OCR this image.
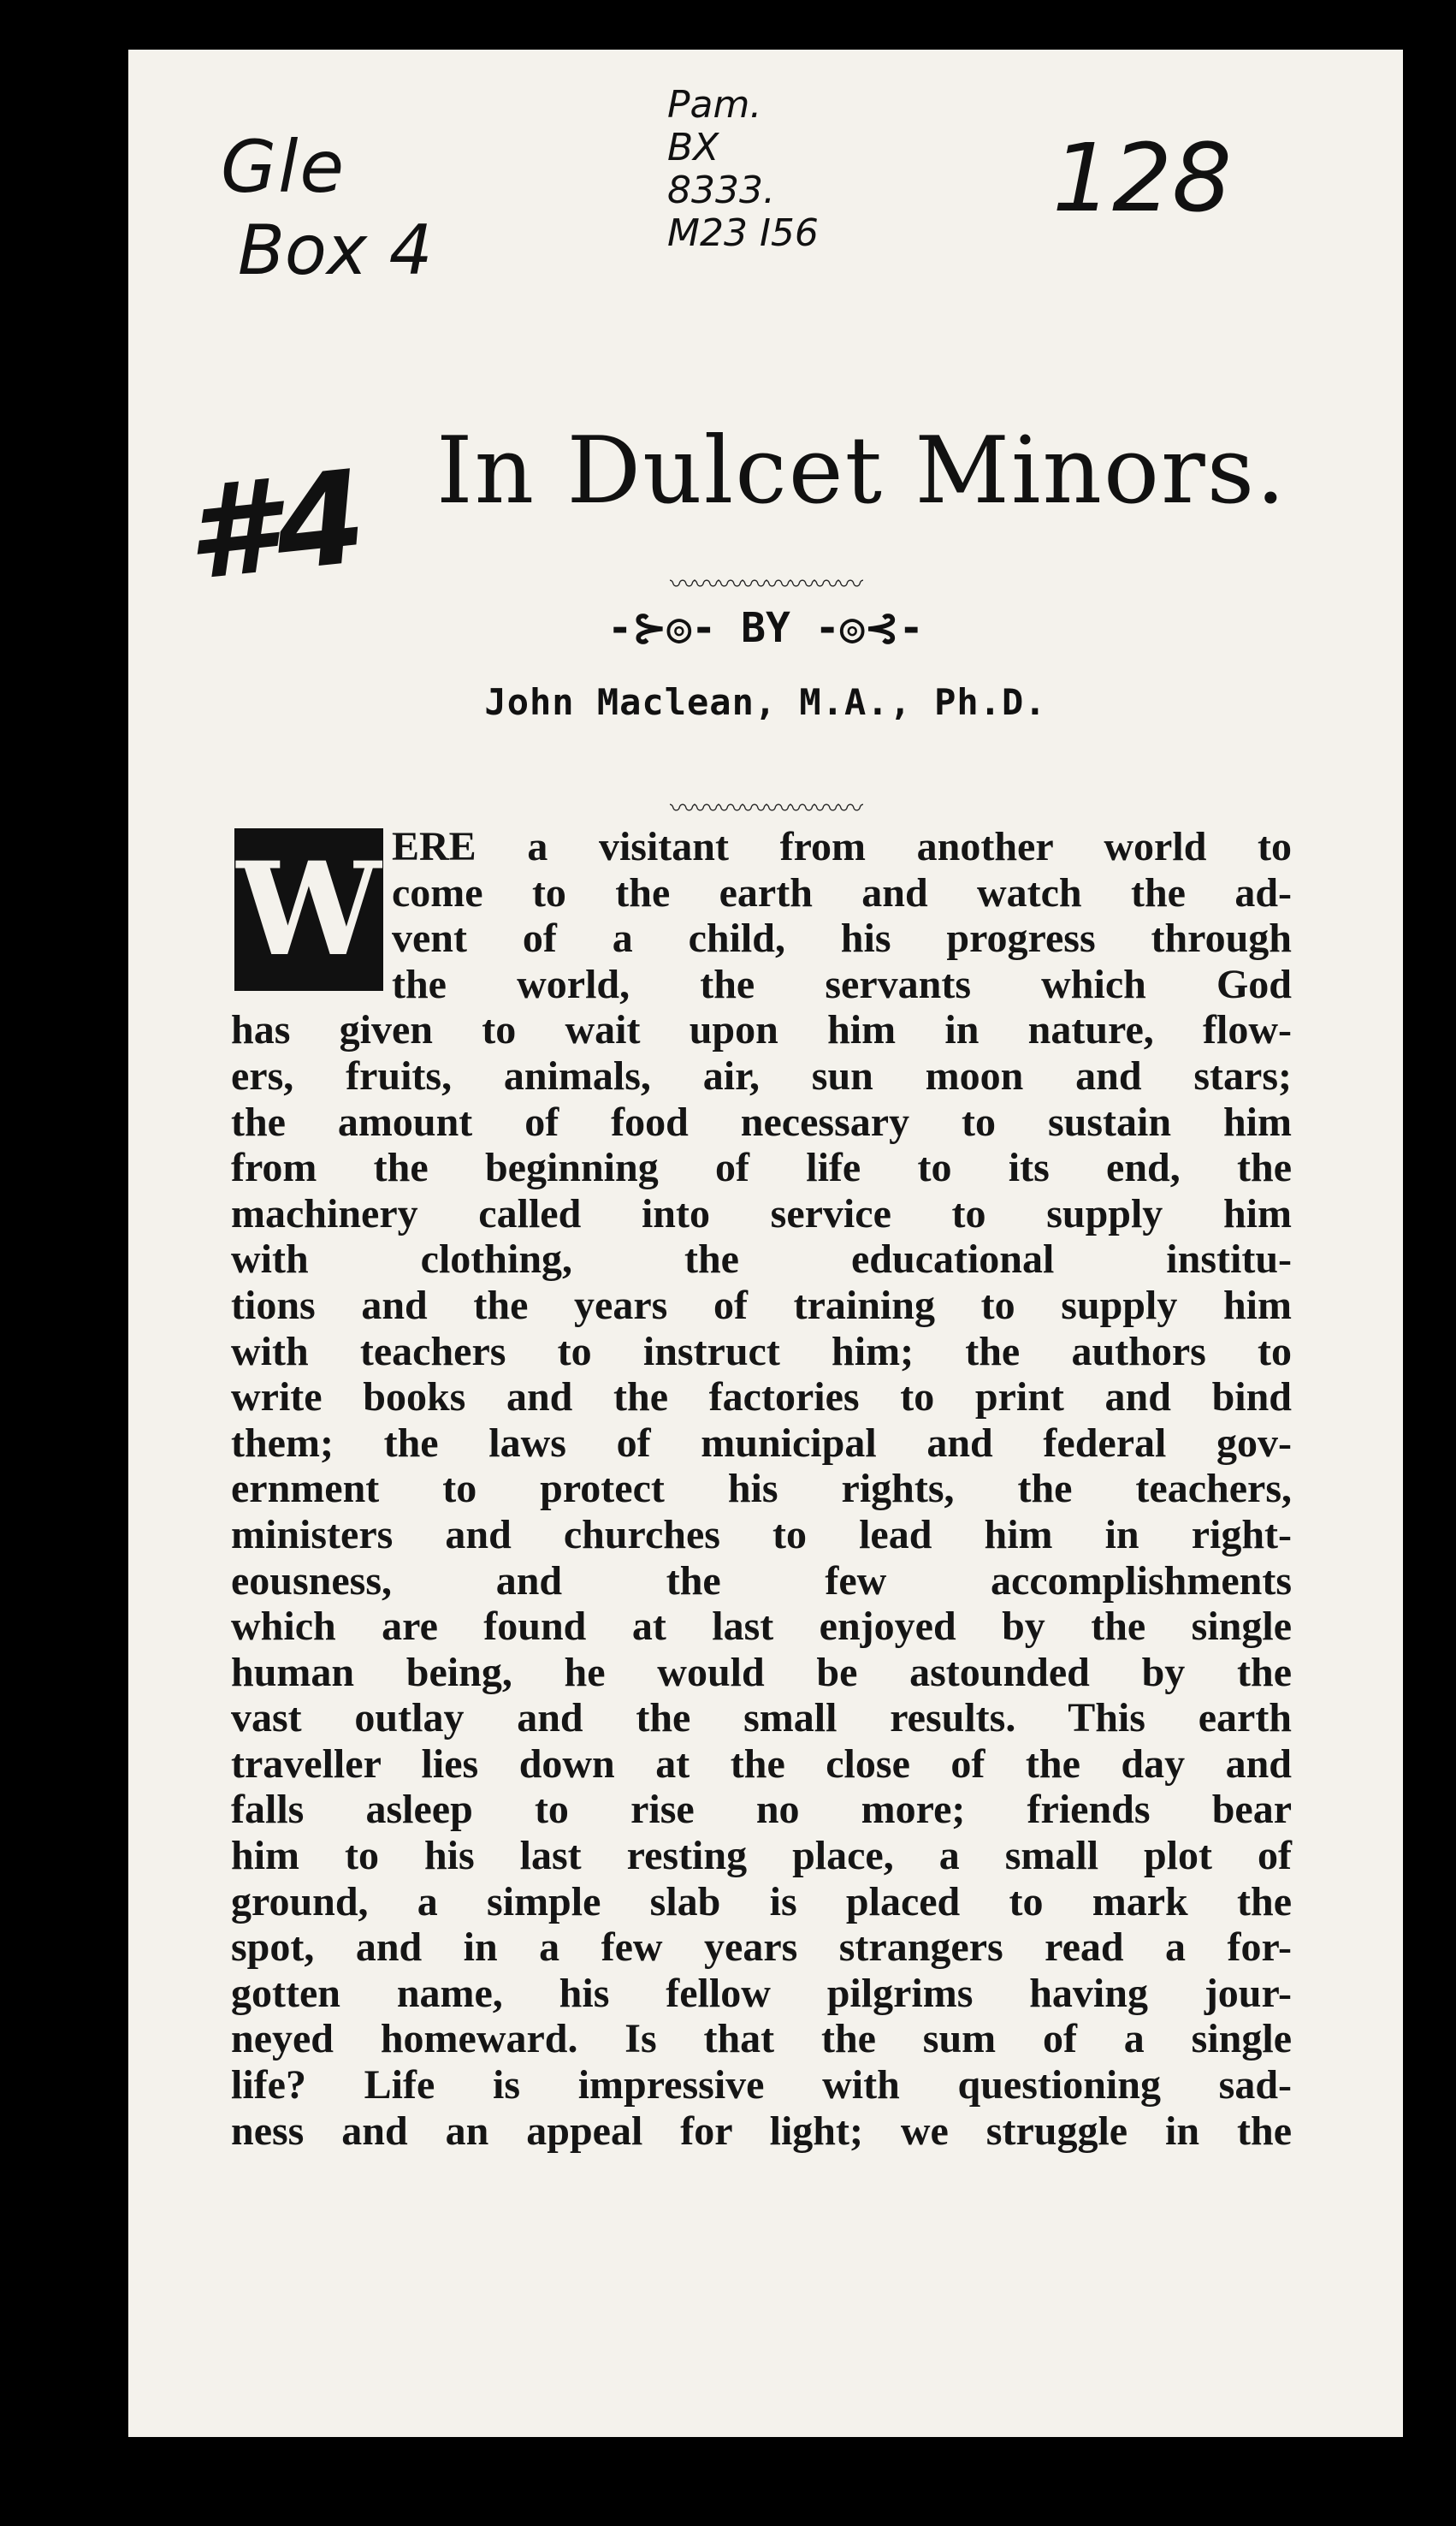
Gle
Box 4
Pam.
BX
8333.
M23 I56
128
#4 In Dulcet Minors.
〰〰〰〰〰〰〰〰
-⊱◎- BY -◎⊰-
John Maclean, M.A., Ph.D.
〰〰〰〰〰〰〰〰
W ERE a visitant from another world to
come to the earth and watch the ad-
vent of a child, his progress through
the world, the servants which God
has given to wait upon him in nature, flow-
ers, fruits, animals, air, sun moon and stars;
the amount of food necessary to sustain him
from the beginning of life to its end, the
machinery called into service to supply him
with clothing, the educational institu-
tions and the years of training to supply him
with teachers to instruct him; the authors to
write books and the factories to print and bind
them; the laws of municipal and federal gov-
ernment to protect his rights, the teachers,
ministers and churches to lead him in right-
eousness, and the few accomplishments
which are found at last enjoyed by the single
human being, he would be astounded by the
vast outlay and the small results. This earth
traveller lies down at the close of the day and
falls asleep to rise no more; friends bear
him to his last resting place, a small plot of
ground, a simple slab is placed to mark the
spot, and in a few years strangers read a for-
gotten name, his fellow pilgrims having jour-
neyed homeward. Is that the sum of a single
life? Life is impressive with questioning sad-
ness and an appeal for light; we struggle in the
